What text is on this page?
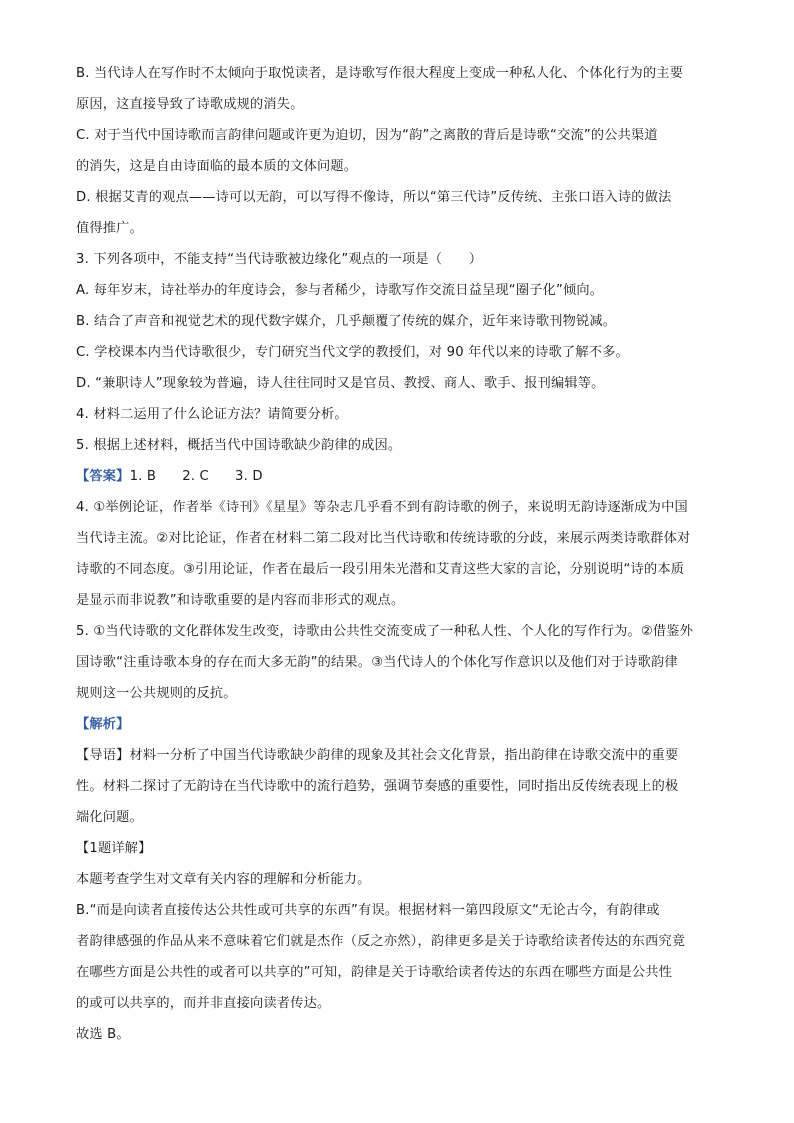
B. 当代诗人在写作时不太倾向于取悦读者，是诗歌写作很大程度上变成一种私人化、个体化行为的主要

原因，这直接导致了诗歌成规的消失。

C. 对于当代中国诗歌而言韵律问题或许更为迫切，因为“韵”之离散的背后是诗歌“交流”的公共渠道

的消失，这是自由诗面临的最本质的文体问题。

D. 根据艾青的观点——诗可以无韵，可以写得不像诗，所以“第三代诗”反传统、主张口语入诗的做法

值得推广。

3. 下列各项中，不能支持“当代诗歌被边缘化”观点的一项是（　　）

A. 每年岁末，诗社举办的年度诗会，参与者稀少，诗歌写作交流日益呈现“圈子化”倾向。

B. 结合了声音和视觉艺术的现代数字媒介，几乎颠覆了传统的媒介，近年来诗歌刊物锐减。

C. 学校课本内当代诗歌很少，专门研究当代文学的教授们，对 90 年代以来的诗歌了解不多。

D. “兼职诗人”现象较为普遍，诗人往往同时又是官员、教授、商人、歌手、报刊编辑等。

4. 材料二运用了什么论证方法？请简要分析。

5. 根据上述材料，概括当代中国诗歌缺少韵律的成因。

【答案】1. B 2. C 3. D

4. ①举例论证，作者举《诗刊》《星星》等杂志几乎看不到有韵诗歌的例子，来说明无韵诗逐渐成为中国

当代诗主流。②对比论证，作者在材料二第二段对比当代诗歌和传统诗歌的分歧，来展示两类诗歌群体对

诗歌的不同态度。③引用论证，作者在最后一段引用朱光潜和艾青这些大家的言论，分别说明“诗的本质

是显示而非说教”和诗歌重要的是内容而非形式的观点。

5. ①当代诗歌的文化群体发生改变，诗歌由公共性交流变成了一种私人性、个人化的写作行为。②借鉴外

国诗歌“注重诗歌本身的存在而大多无韵”的结果。③当代诗人的个体化写作意识以及他们对于诗歌韵律

规则这一公共规则的反抗。

【解析】

【导语】材料一分析了中国当代诗歌缺少韵律的现象及其社会文化背景，指出韵律在诗歌交流中的重要

性。材料二探讨了无韵诗在当代诗歌中的流行趋势，强调节奏感的重要性，同时指出反传统表现上的极

端化问题。

【1题详解】

本题考查学生对文章有关内容的理解和分析能力。

B.“而是向读者直接传达公共性或可共享的东西”有误。根据材料一第四段原文“无论古今，有韵律或

者韵律感强的作品从来不意味着它们就是杰作（反之亦然），韵律更多是关于诗歌给读者传达的东西究竟

在哪些方面是公共性的或者可以共享的”可知，韵律是关于诗歌给读者传达的东西在哪些方面是公共性

的或可以共享的，而并非直接向读者传达。

故选 B。
